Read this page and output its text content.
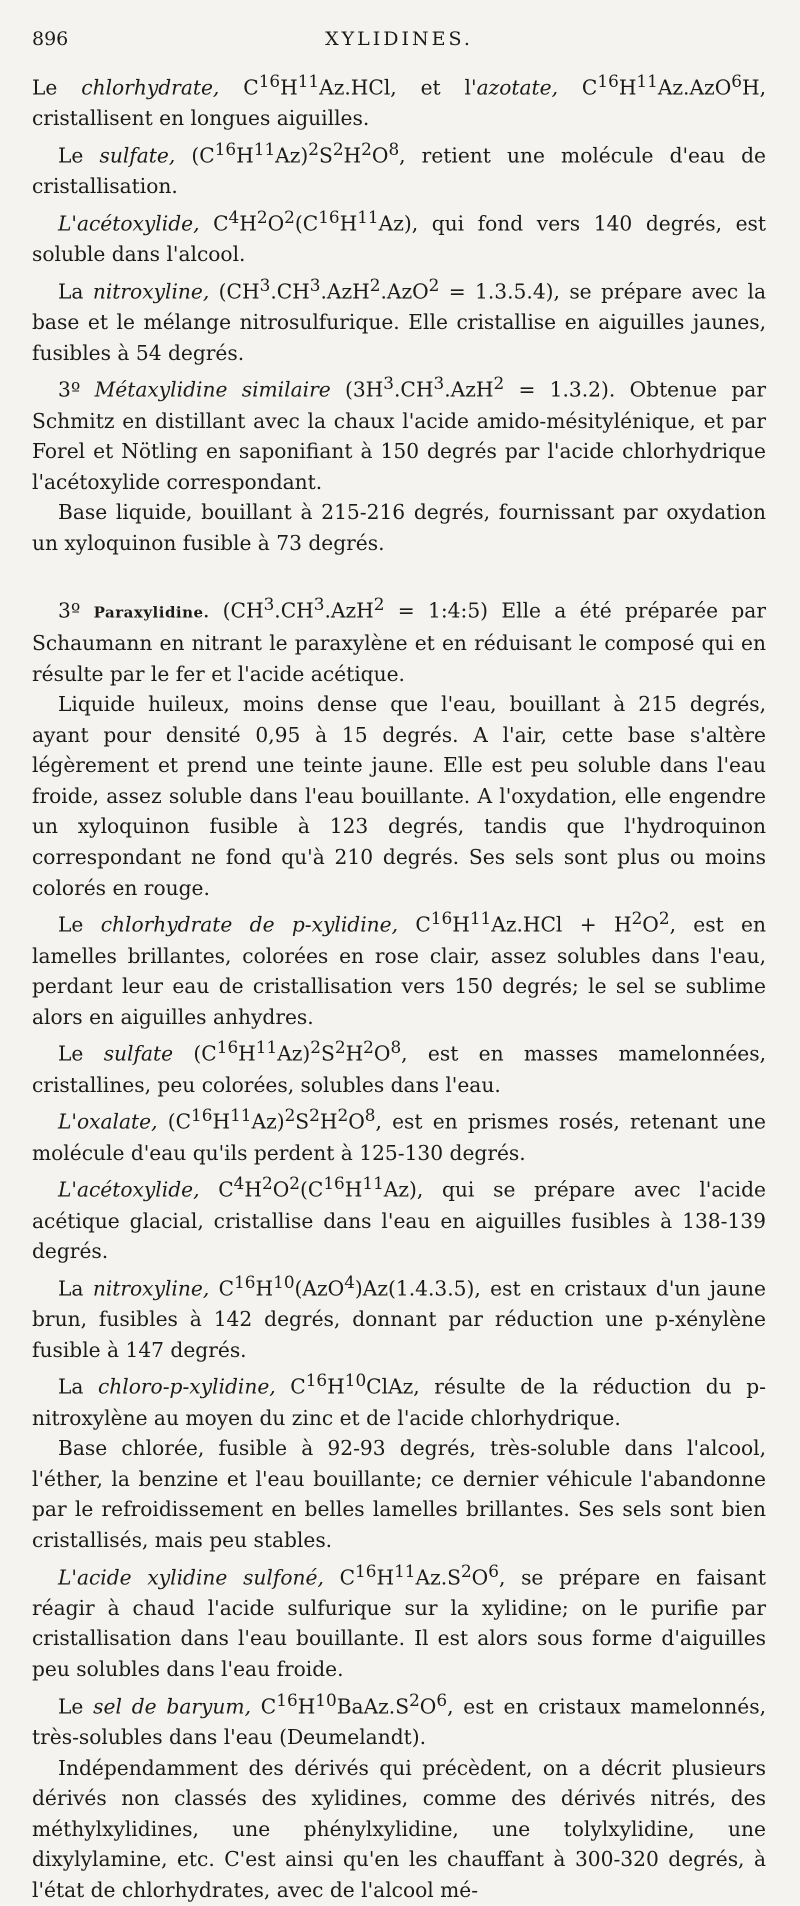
896	XYLIDINES.

Le chlorhydrate, $C^{16}H^{11}Az.HCl$, et l'azotate, $C^{16}H^{11}Az.AzO^6H$, cristallisent en longues aiguilles.

Le sulfate, $(C^{16}H^{11}Az)^2S^2H^2O^8$, retient une molécule d'eau de cristallisation.

L'acétoxylide, $C^4H^2O^2(C^{16}H^{11}Az)$, qui fond vers 140 degrés, est soluble dans l'alcool.

La nitroxyline, $(CH^3.CH^3.AzH^2.AzO^2 = 1.3.5.4)$, se prépare avec la base et le mélange nitrosulfurique. Elle cristallise en aiguilles jaunes, fusibles à 54 degrés.

3º Métaxylidine similaire $(3H^3.CH^3.AzH^2 = 1.3.2)$. Obtenue par Schmitz en distillant avec la chaux l'acide amido-mésitylénique, et par Forel et Nötling en saponifiant à 150 degrés par l'acide chlorhydrique l'acétoxylide correspondant.

Base liquide, bouillant à 215-216 degrés, fournissant par oxydation un xyloquinon fusible à 73 degrés.

3º Paraxylidine. ($CH^3.CH^3.AzH^2$ = 1:4:5) Elle a été préparée par Schaumann en nitrant le paraxylène et en réduisant le composé qui en résulte par le fer et l'acide acétique.

Liquide huileux, moins dense que l'eau, bouillant à 215 degrés, ayant pour densité 0,95 à 15 degrés. A l'air, cette base s'altère légèrement et prend une teinte jaune. Elle est peu soluble dans l'eau froide, assez soluble dans l'eau bouillante. A l'oxydation, elle engendre un xyloquinon fusible à 123 degrés, tandis que l'hydroquinon correspondant ne fond qu'à 210 degrés. Ses sels sont plus ou moins colorés en rouge.

Le chlorhydrate de p-xylidine, $C^{16}H^{11}Az.HCl + H^2O^2$, est en lamelles brillantes, colorées en rose clair, assez solubles dans l'eau, perdant leur eau de cristallisation vers 150 degrés; le sel se sublime alors en aiguilles anhydres.

Le sulfate $(C^{16}H^{11}Az)^2S^2H^2O^8$, est en masses mamelonnées, cristallines, peu colorées, solubles dans l'eau.

L'oxalate, $(C^{16}H^{11}Az)^2S^2H^2O^8$, est en prismes rosés, retenant une molécule d'eau qu'ils perdent à 125-130 degrés.

L'acétoxylide, $C^4H^2O^2(C^{16}H^{11}Az)$, qui se prépare avec l'acide acétique glacial, cristallise dans l'eau en aiguilles fusibles à 138-139 degrés.

La nitroxyline, $C^{16}H^{10}(AzO^4)Az(1.4.3.5)$, est en cristaux d'un jaune brun, fusibles à 142 degrés, donnant par réduction une p-xénylène fusible à 147 degrés.

La chloro-p-xylidine, $C^{16}H^{10}ClAz$, résulte de la réduction du p-nitroxylène au moyen du zinc et de l'acide chlorhydrique.

Base chlorée, fusible à 92-93 degrés, très-soluble dans l'alcool, l'éther, la benzine et l'eau bouillante; ce dernier véhicule l'abandonne par le refroidissement en belles lamelles brillantes. Ses sels sont bien cristallisés, mais peu stables.

L'acide xylidine sulfoné, $C^{16}H^{11}Az.S^2O^6$, se prépare en faisant réagir à chaud l'acide sulfurique sur la xylidine; on le purifie par cristallisation dans l'eau bouillante. Il est alors sous forme d'aiguilles peu solubles dans l'eau froide.

Le sel de baryum, $C^{16}H^{10}BaAz.S^2O^6$, est en cristaux mamelonnés, très-solubles dans l'eau (Deumelandt).

Indépendamment des dérivés qui précèdent, on a décrit plusieurs dérivés non classés des xylidines, comme des dérivés nitrés, des méthylxylidines, une phénylxylidine, une tolylxylidine, une dixylylamine, etc. C'est ainsi qu'en les chauffant à 300-320 degrés, à l'état de chlorhydrates, avec de l'alcool mé-
